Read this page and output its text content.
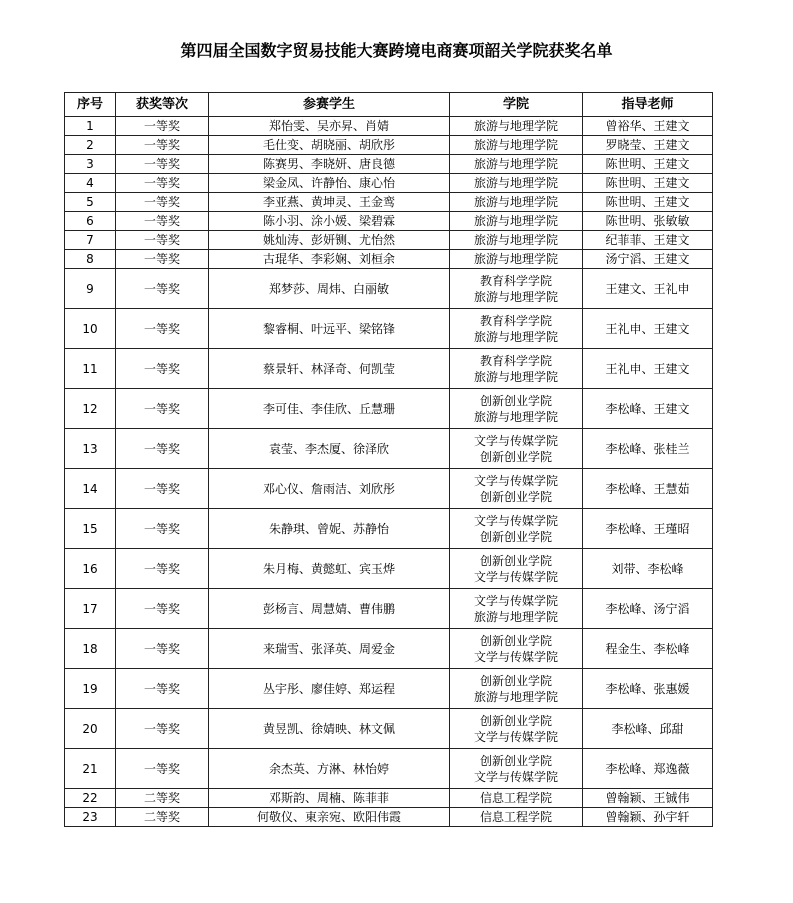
第四届全国数字贸易技能大赛跨境电商赛项韶关学院获奖名单
序号	获奖等次	参赛学生	学院	指导老师
1	一等奖	郑怡雯、吴亦昇、肖婧	旅游与地理学院	曾裕华、王建文
2	一等奖	毛仕变、胡晓丽、胡欣彤	旅游与地理学院	罗晓莹、王建文
3	一等奖	陈赛男、李晓妍、唐良德	旅游与地理学院	陈世明、王建文
4	一等奖	梁金凤、许静怡、康心怡	旅游与地理学院	陈世明、王建文
5	一等奖	李亚燕、黄坤灵、王金鸾	旅游与地理学院	陈世明、王建文
6	一等奖	陈小羽、涂小媛、梁碧霖	旅游与地理学院	陈世明、张敏敏
7	一等奖	姚灿涛、彭妍铡、尤怡然	旅游与地理学院	纪菲菲、王建文
8	一等奖	古琨华、李彩娴、刘桓余	旅游与地理学院	汤宁滔、王建文
9	一等奖	郑梦莎、周炜、白丽敏	教育科学学院
旅游与地理学院	王建文、王礼申
10	一等奖	黎睿桐、叶远平、梁铭锋	教育科学学院
旅游与地理学院	王礼申、王建文
11	一等奖	蔡景轩、林泽奇、何凯莹	教育科学学院
旅游与地理学院	王礼申、王建文
12	一等奖	李可佳、李佳欣、丘慧珊	创新创业学院
旅游与地理学院	李松峰、王建文
13	一等奖	袁莹、李杰厦、徐泽欣	文学与传媒学院
创新创业学院	李松峰、张桂兰
14	一等奖	邓心仪、詹雨洁、刘欣彤	文学与传媒学院
创新创业学院	李松峰、王慧茹
15	一等奖	朱静琪、曾妮、苏静怡	文学与传媒学院
创新创业学院	李松峰、王瑾昭
16	一等奖	朱月梅、黄懿虹、宾玉烨	创新创业学院
文学与传媒学院	刘带、李松峰
17	一等奖	彭杨言、周慧婧、曹伟鹏	文学与传媒学院
旅游与地理学院	李松峰、汤宁滔
18	一等奖	来瑞雪、张泽英、周爱金	创新创业学院
文学与传媒学院	程金生、李松峰
19	一等奖	丛宇彤、廖佳婷、郑运程	创新创业学院
旅游与地理学院	李松峰、张惠媛
20	一等奖	黄昱凯、徐婧映、林文佩	创新创业学院
文学与传媒学院	李松峰、邱甜
21	一等奖	余杰英、方淋、林怡婷	创新创业学院
文学与传媒学院	李松峰、郑逸薇
22	二等奖	邓斯韵、周楠、陈菲菲	信息工程学院	曾翰颖、王铖伟
23	二等奖	何敬仪、東亲宛、欧阳伟霞	信息工程学院	曾翰颖、孙宇轩
